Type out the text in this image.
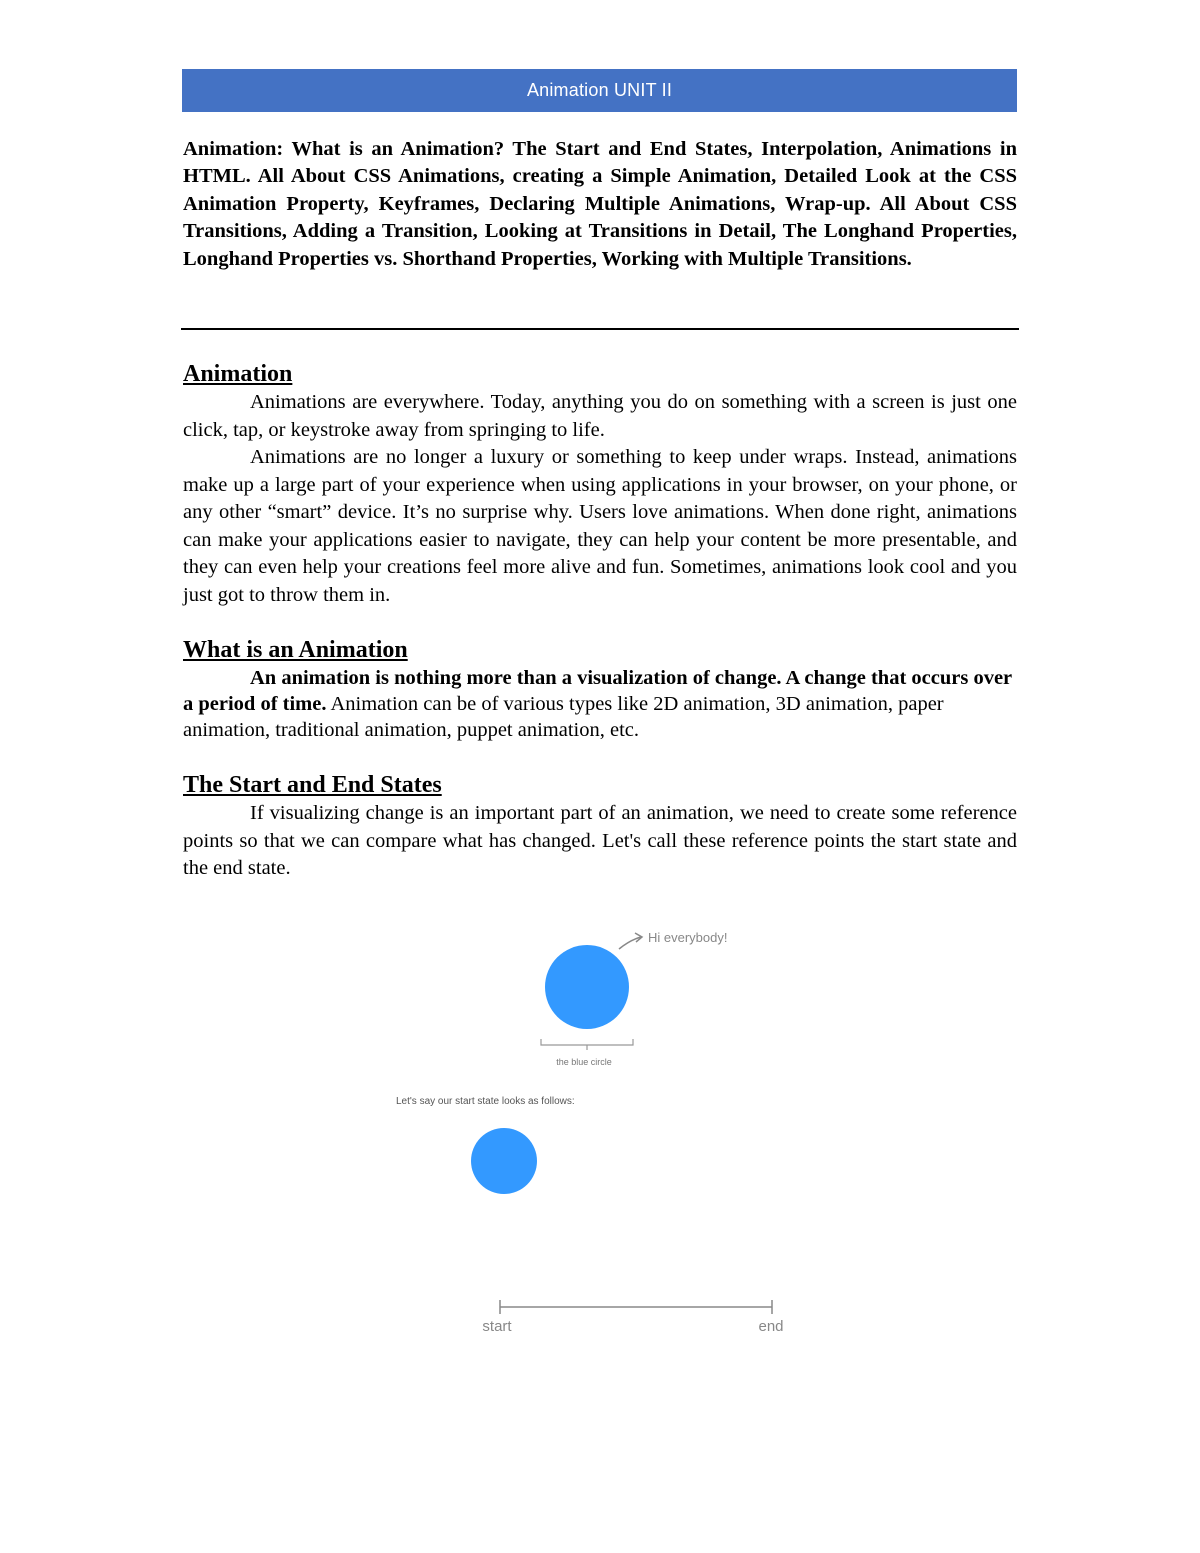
Animation UNIT II

Animation: What is an Animation? The Start and End States, Interpolation, Animations in HTML. All About CSS Animations, creating a Simple Animation, Detailed Look at the CSS Animation Property, Keyframes, Declaring Multiple Animations, Wrap-up. All About CSS Transitions, Adding a Transition, Looking at Transitions in Detail, The Longhand Properties, Longhand Properties vs. Shorthand Properties, Working with Multiple Transitions.

Animation

Animations are everywhere. Today, anything you do on something with a screen is just one click, tap, or keystroke away from springing to life.

Animations are no longer a luxury or something to keep under wraps. Instead, animations make up a large part of your experience when using applications in your browser, on your phone, or any other “smart” device. It’s no surprise why. Users love animations. When done right, animations can make your applications easier to navigate, they can help your content be more presentable, and they can even help your creations feel more alive and fun. Sometimes, animations look cool and you just got to throw them in.

What is an Animation

An animation is nothing more than a visualization of change. A change that occurs over a period of time. Animation can be of various types like 2D animation, 3D animation, paper animation, traditional animation, puppet animation, etc.

The Start and End States

If visualizing change is an important part of an animation, we need to create some reference points so that we can compare what has changed. Let's call these reference points the start state and the end state.

Hi everybody!
the blue circle
Let's say our start state looks as follows:
start	end
